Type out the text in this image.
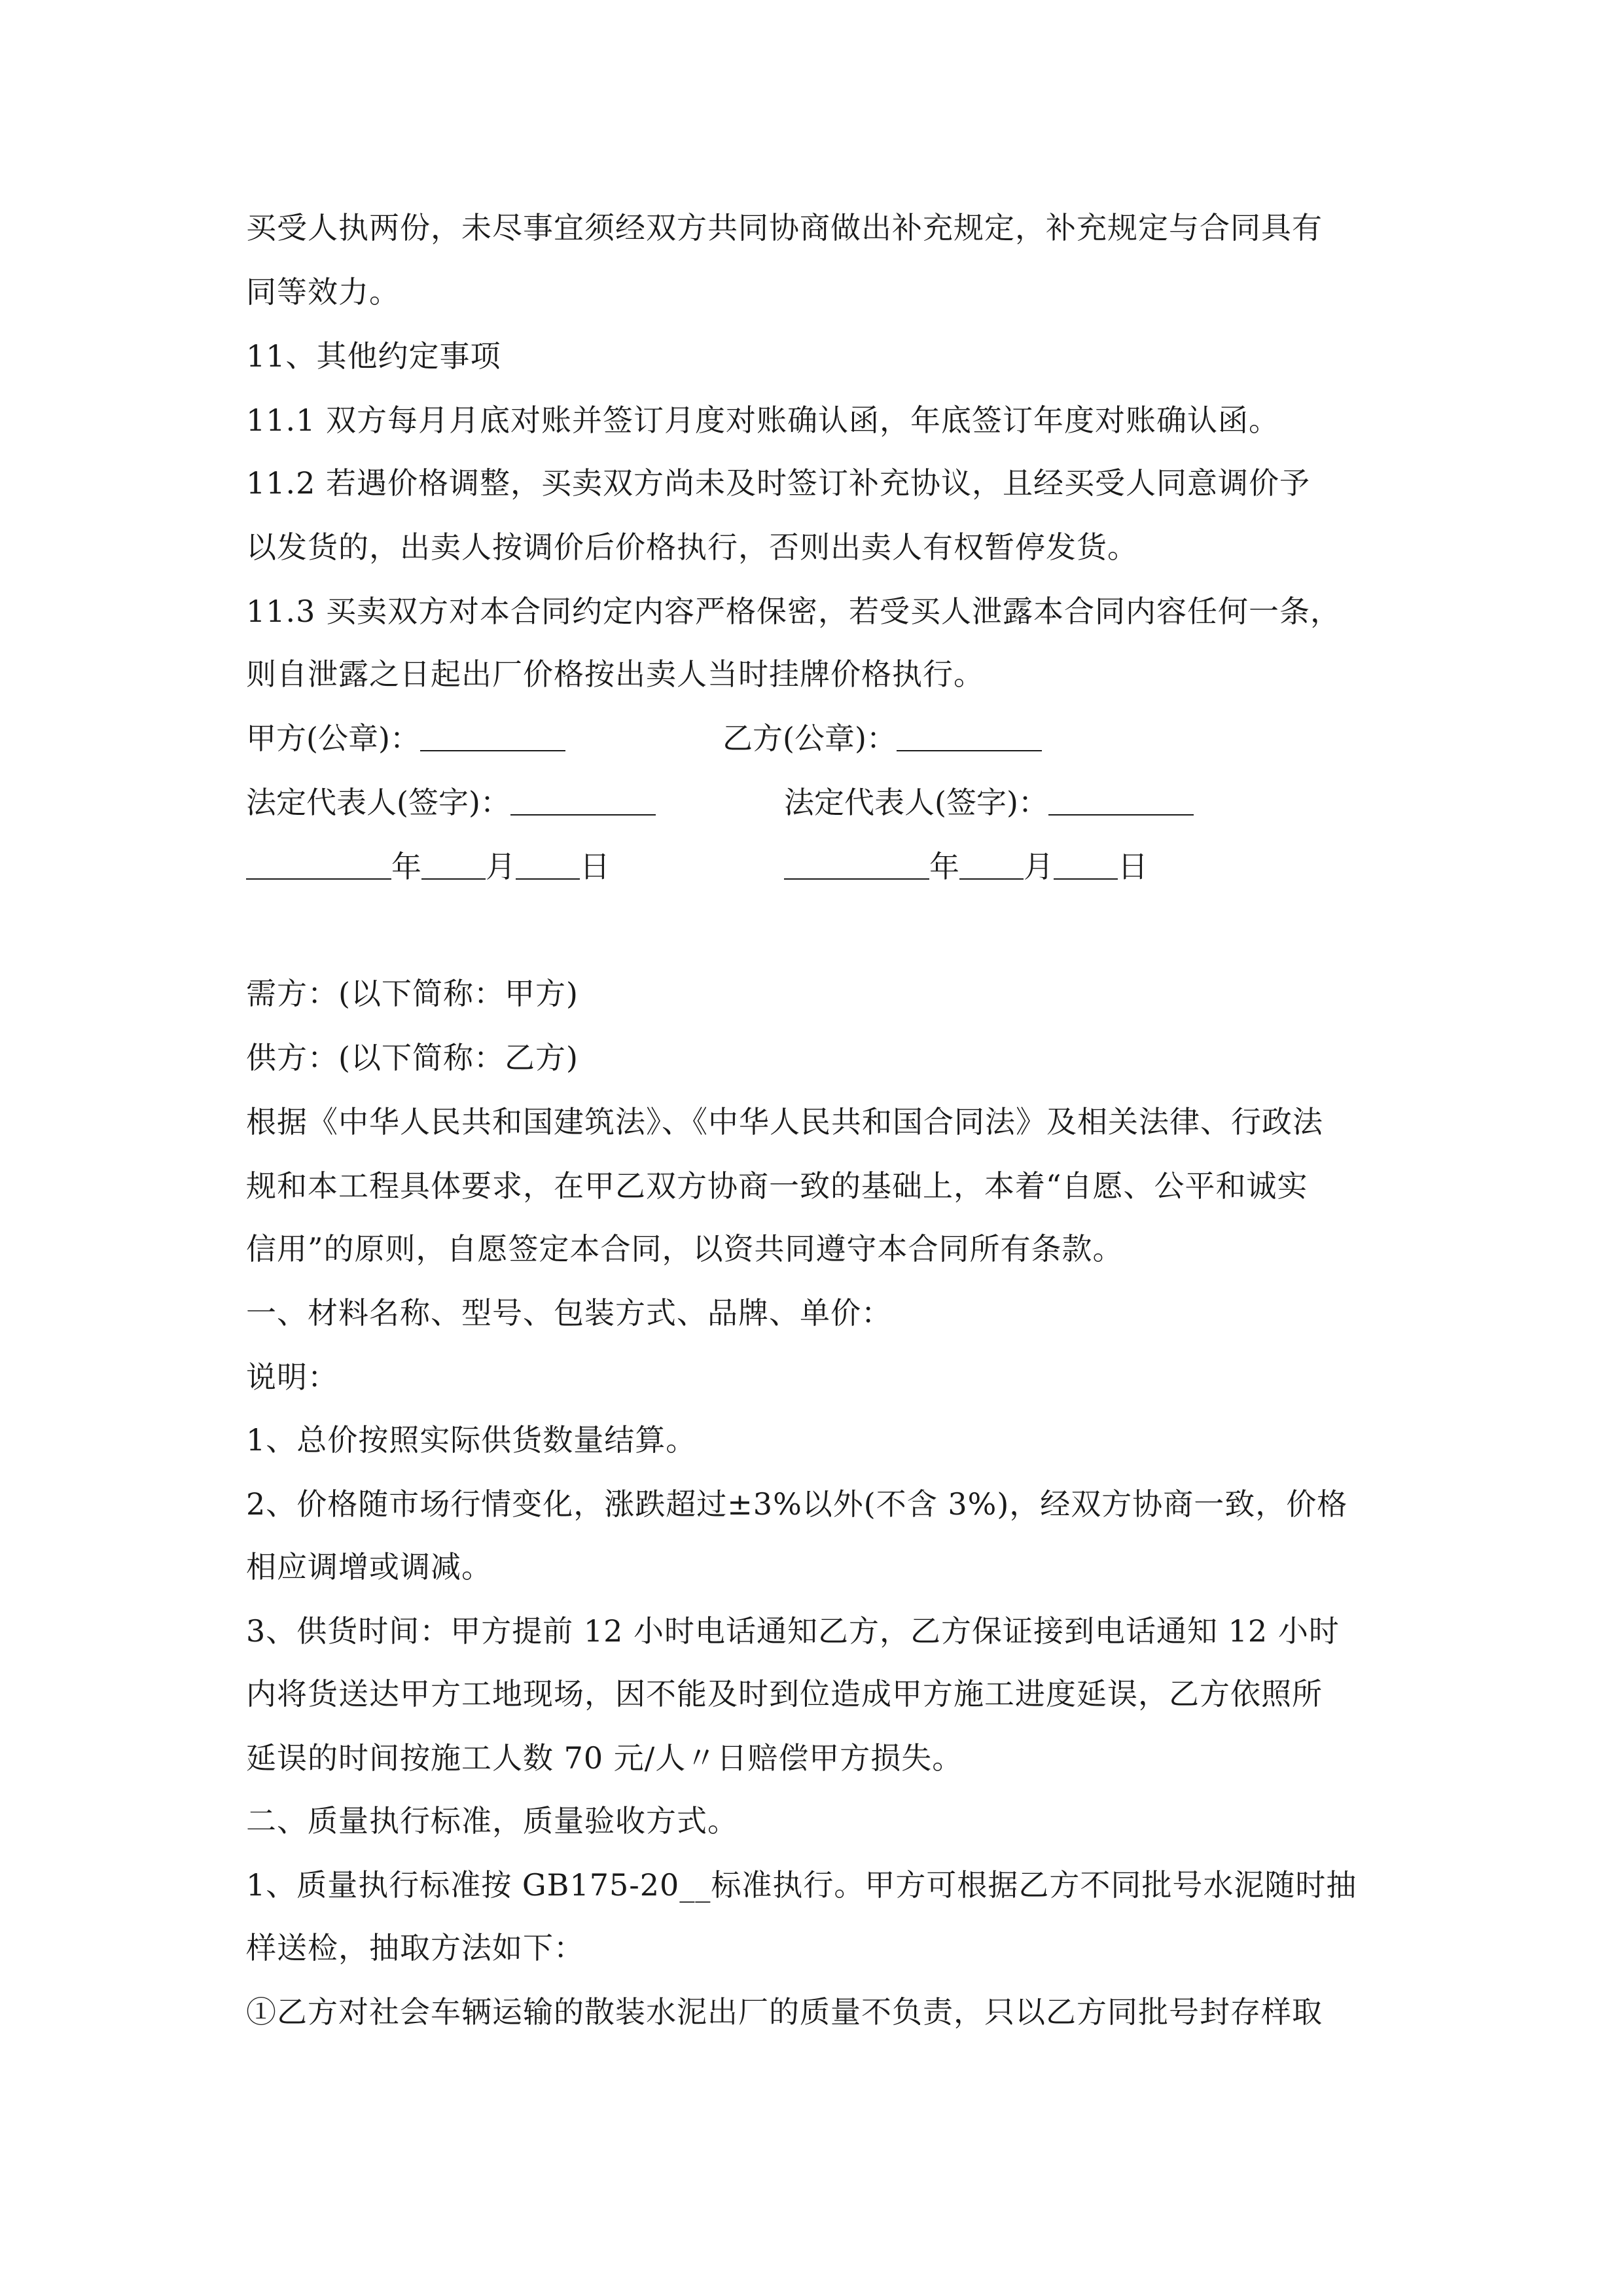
买受人执两份，未尽事宜须经双方共同协商做出补充规定，补充规定与合同具有
同等效力。
11、其他约定事项
11.1 双方每月月底对账并签订月度对账确认函，年底签订年度对账确认函。
11.2 若遇价格调整，买卖双方尚未及时签订补充协议，且经买受人同意调价予
以发货的，出卖人按调价后价格执行，否则出卖人有权暂停发货。
11.3 买卖双方对本合同约定内容严格保密，若受买人泄露本合同内容任何一条，
则自泄露之日起出厂价格按出卖人当时挂牌价格执行。
甲方(公章)：	乙方(公章)：
法定代表人(签字)：	法定代表人(签字)：
年 月 日	年 月 日
需方：(以下简称：甲方)
供方：(以下简称：乙方)
根据《中华人民共和国建筑法》、《中华人民共和国合同法》及相关法律、行政法
规和本工程具体要求，在甲乙双方协商一致的基础上，本着“自愿、公平和诚实
信用”的原则，自愿签定本合同，以资共同遵守本合同所有条款。
一、材料名称、型号、包装方式、品牌、单价：
说明：
1、总价按照实际供货数量结算。
2、价格随市场行情变化，涨跌超过±3%以外(不含 3%)，经双方协商一致，价格
相应调增或调减。
3、供货时间：甲方提前 12 小时电话通知乙方，乙方保证接到电话通知 12 小时
内将货送达甲方工地现场，因不能及时到位造成甲方施工进度延误，乙方依照所
延误的时间按施工人数 70 元/人〃日赔偿甲方损失。
二、质量执行标准，质量验收方式。
1、质量执行标准按 GB175-20__标准执行。甲方可根据乙方不同批号水泥随时抽
样送检，抽取方法如下：
①乙方对社会车辆运输的散装水泥出厂的质量不负责，只以乙方同批号封存样取
